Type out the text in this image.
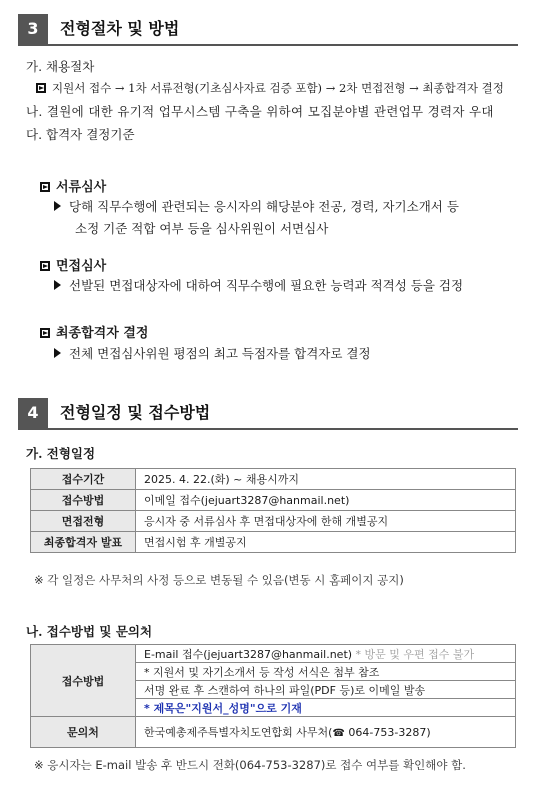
3	전형절차 및 방법
가. 채용절차
지원서 접수 → 1차 서류전형(기초심사자료 검증 포함) → 2차 면접전형 → 최종합격자 결정
나. 결원에 대한 유기적 업무시스템 구축을 위하여 모집분야별 관련업무 경력자 우대
다. 합격자 결정기준
서류심사
당해 직무수행에 관련되는 응시자의 해당분야 전공, 경력, 자기소개서 등
소정 기준 적합 여부 등을 심사위원이 서면심사
면접심사
선발된 면접대상자에 대하여 직무수행에 필요한 능력과 적격성 등을 검정
최종합격자 결정
전체 면접심사위원 평점의 최고 득점자를 합격자로 결정
4	전형일정 및 접수방법
가. 전형일정
접수기간	2025. 4. 22.(화) ~ 채용시까지
접수방법	이메일 접수(jejuart3287@hanmail.net)
면접전형	응시자 중 서류심사 후 면접대상자에 한해 개별공지
최종합격자 발표	면접시험 후 개별공지
※ 각 일정은 사무처의 사정 등으로 변동될 수 있음(변동 시 홈페이지 공지)
나. 접수방법 및 문의처
접수방법	E-mail 접수(jejuart3287@hanmail.net) * 방문 및 우편 접수 불가
	* 지원서 및 자기소개서 등 작성 서식은 첨부 참조
	서명 완료 후 스캔하여 하나의 파일(PDF 등)로 이메일 발송
	* 제목은"지원서_성명"으로 기재
문의처	한국예총제주특별자치도연합회 사무처(☎ 064-753-3287)
※ 응시자는 E-mail 발송 후 반드시 전화(064-753-3287)로 접수 여부를 확인해야 함.
